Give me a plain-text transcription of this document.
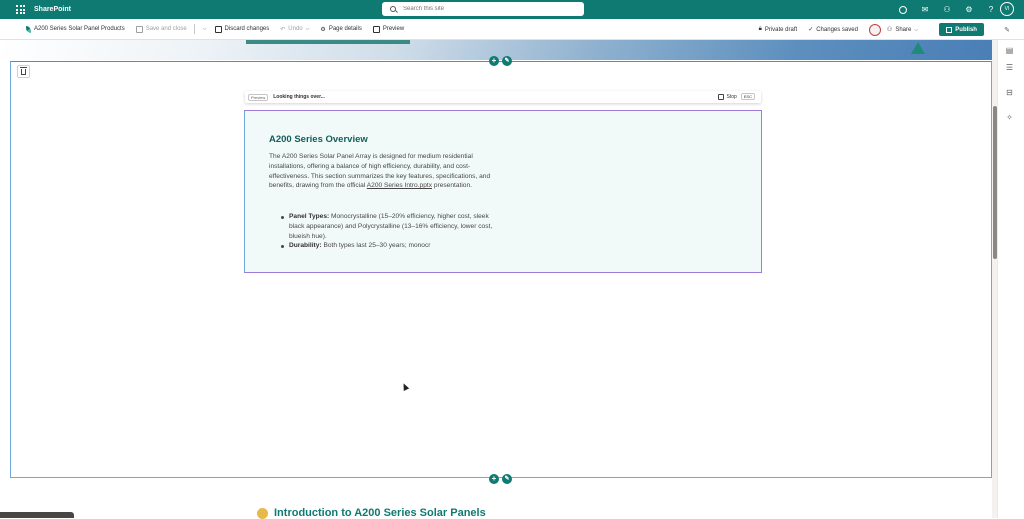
SharePoint
Search this site	✉ ⚇ ⚙	?	VI
A200 Series Solar Panel Products	Save and close	⌵	Discard changes ↶ Undo ⌵ ⚙ Page details	Preview	🔒︎ Private draft ✓ Changes saved	⚇ Share ⌵	Publish	✎
+	✎
Preview	Looking things over...	Stop	ESC
A200 Series Overview
The A200 Series Solar Panel Array is designed for medium residential installations, offering a balance of high efficiency, durability, and cost-effectiveness. This section summarizes the key features, specifications, and benefits, drawing from the official A200 Series Intro.pptx presentation.
Panel Types: Monocrystalline (15–20% efficiency, higher cost, sleek black appearance) and Polycrystalline (13–16% efficiency, lower cost, blueish hue).
Durability: Both types last 25–30 years; monocr
+	✎
Introduction to A200 Series Solar Panels
▤
☰
⊟
✧
